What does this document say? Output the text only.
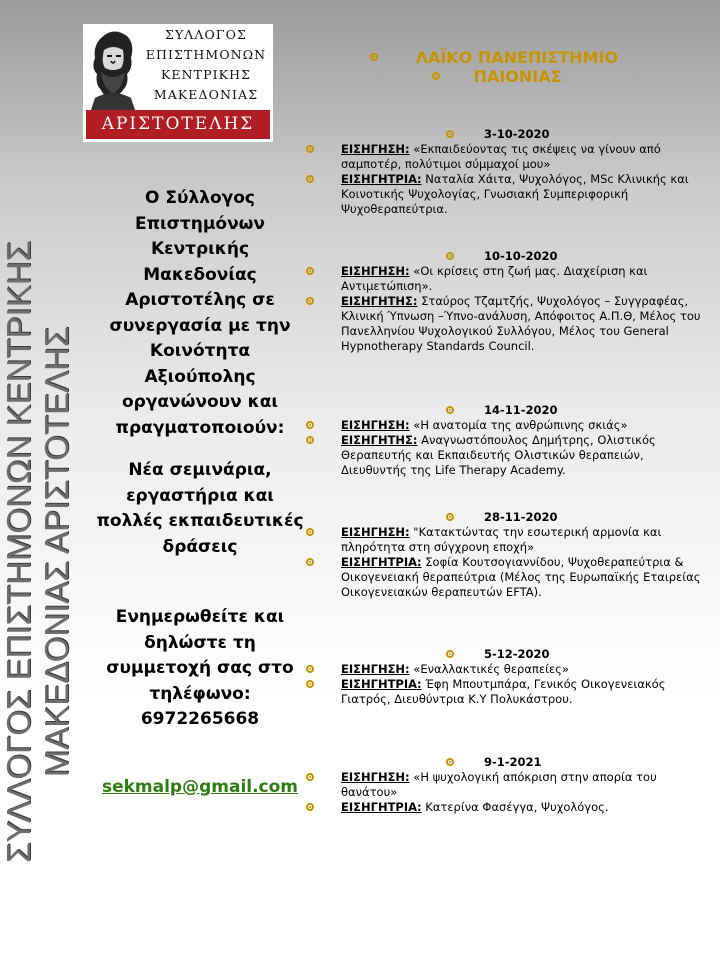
ΣΥΛΛΟΓΟΣ
ΕΠΙΣΤΗΜΟΝΩΝ
ΚΕΝΤΡΙΚΗΣ
ΜΑΚΕΔΟΝΙΑΣ
ΑΡΙΣΤΟΤΕΛΗΣ
ΣΥΛΛΟΓΟΣ ΕΠΙΣΤΗΜΟΝΩΝ ΚΕΝΤΡΙΚΗΣ ΜΑΚΕΔΟΝΙΑΣ ΑΡΙΣΤΟΤΕΛΗΣ
ΛΑΪΚΟ ΠΑΝΕΠΙΣΤΗΜΙΟ
ΠΑΙΟΝΙΑΣ

Ο Σύλλογος Επιστημόνων Κεντρικής Μακεδονίας Αριστοτέλης σε συνεργασία με την Κοινότητα Αξιούπολης οργανώνουν και πραγματοποιούν:

Νέα σεμινάρια, εργαστήρια και πολλές εκπαιδευτικές δράσεις

Ενημερωθείτε και δηλώστε τη συμμετοχή σας στο τηλέφωνο: 6972265668

sekmalp@gmail.com
3-10-2020
ΕΙΣΗΓΗΣΗ: «Εκπαιδεύοντας τις σκέψεις να γίνουν από σαμποτέρ, πολύτιμοι σύμμαχοί μου»
ΕΙΣΗΓΗΤΡΙΑ: Ναταλία Χάιτα, Ψυχολόγος, MSc Κλινικής και Κοινοτικής Ψυχολογίας, Γνωσιακή Συμπεριφορική Ψυχοθεραπεύτρια.
10-10-2020
ΕΙΣΗΓΗΣΗ: «Οι κρίσεις στη ζωή μας. Διαχείριση και Αντιμετώπιση».
ΕΙΣΗΓΗΤΗΣ: Σταύρος Τζαμτζής, Ψυχολόγος – Συγγραφέας, Κλινική Ύπνωση –Ύπνο-ανάλυση, Απόφοιτος Α.Π.Θ, Μέλος του Πανελληνίου Ψυχολογικού Συλλόγου, Μέλος του General Hypnotherapy Standards Council.
14-11-2020
ΕΙΣΗΓΗΣΗ: «Η ανατομία της ανθρώπινης σκιάς»
ΕΙΣΗΓΗΤΗΣ: Αναγνωστόπουλος Δημήτρης, Ολιστικός Θεραπευτής και Εκπαιδευτής Ολιστικών θεραπειών, Διευθυντής της Life Therapy Academy.
28-11-2020
ΕΙΣΗΓΗΣΗ: "Κατακτώντας την εσωτερική αρμονία και πληρότητα στη σύγχρονη εποχή»
ΕΙΣΗΓΗΤΡΙΑ: Σοφία Κουτσογιαννίδου, Ψυχοθεραπεύτρια & Οικογενειακή θεραπεύτρια (Μέλος της Ευρωπαϊκής Εταιρείας Οικογενειακών θεραπευτών EFTA).
5-12-2020
ΕΙΣΗΓΗΣΗ: «Εναλλακτικές θεραπείες»
ΕΙΣΗΓΗΤΡΙΑ: Έφη Μπουτμπάρα, Γενικός Οικογενειακός Γιατρός, Διευθύντρια Κ.Υ Πολυκάστρου.
9-1-2021
ΕΙΣΗΓΗΣΗ: «Η ψυχολογική απόκριση στην απορία του θανάτου»
ΕΙΣΗΓΗΤΡΙΑ: Κατερίνα Φασέγγα, Ψυχολόγος.
